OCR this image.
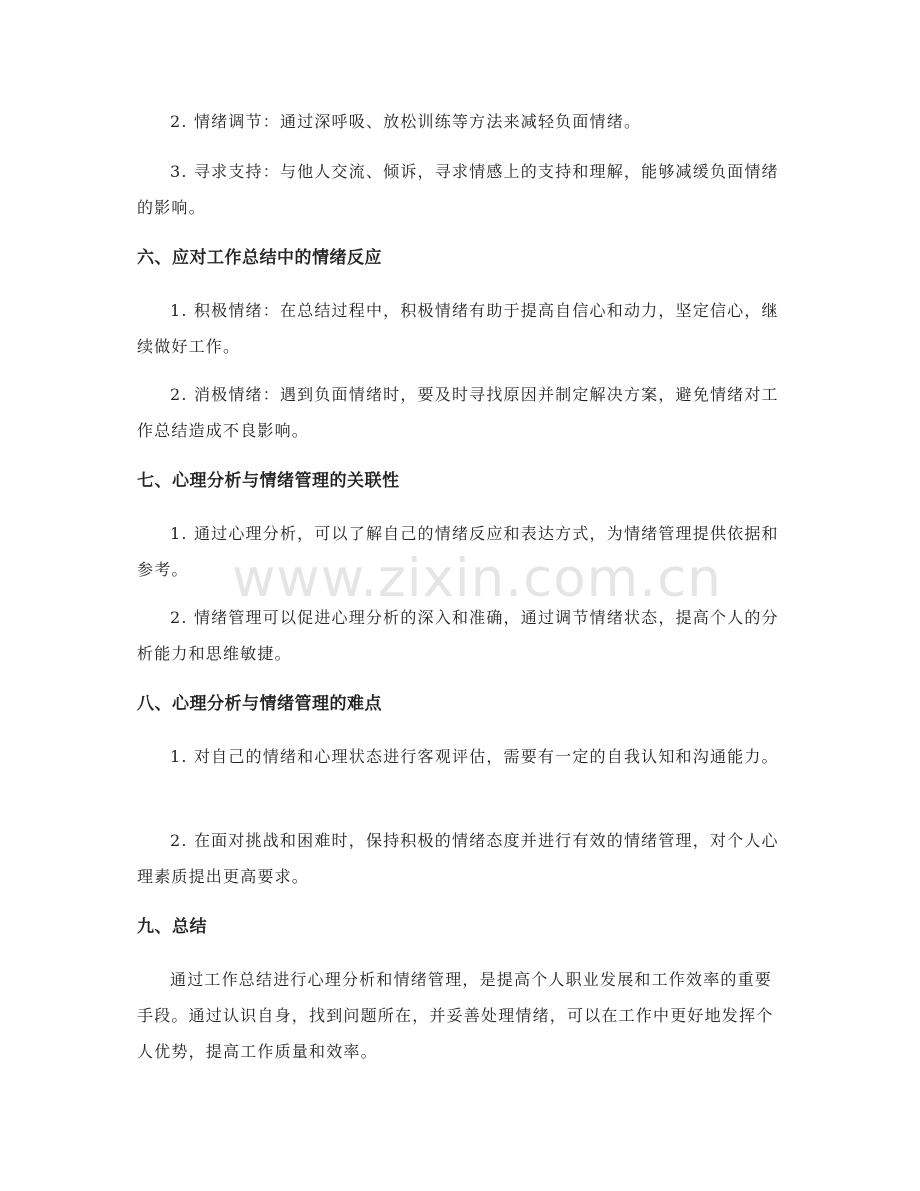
2. 情绪调节：通过深呼吸、放松训练等方法来减轻负面情绪。

3. 寻求支持：与他人交流、倾诉，寻求情感上的支持和理解，能够减缓负面情绪的影响。

六、应对工作总结中的情绪反应

1. 积极情绪：在总结过程中，积极情绪有助于提高自信心和动力，坚定信心，继续做好工作。

2. 消极情绪：遇到负面情绪时，要及时寻找原因并制定解决方案，避免情绪对工作总结造成不良影响。

七、心理分析与情绪管理的关联性

1. 通过心理分析，可以了解自己的情绪反应和表达方式，为情绪管理提供依据和参考。

2. 情绪管理可以促进心理分析的深入和准确，通过调节情绪状态，提高个人的分析能力和思维敏捷。

八、心理分析与情绪管理的难点

1. 对自己的情绪和心理状态进行客观评估，需要有一定的自我认知和沟通能力。

2. 在面对挑战和困难时，保持积极的情绪态度并进行有效的情绪管理，对个人心理素质提出更高要求。

九、总结

通过工作总结进行心理分析和情绪管理，是提高个人职业发展和工作效率的重要手段。通过认识自身，找到问题所在，并妥善处理情绪，可以在工作中更好地发挥个人优势，提高工作质量和效率。

www.zixin.com.cn
